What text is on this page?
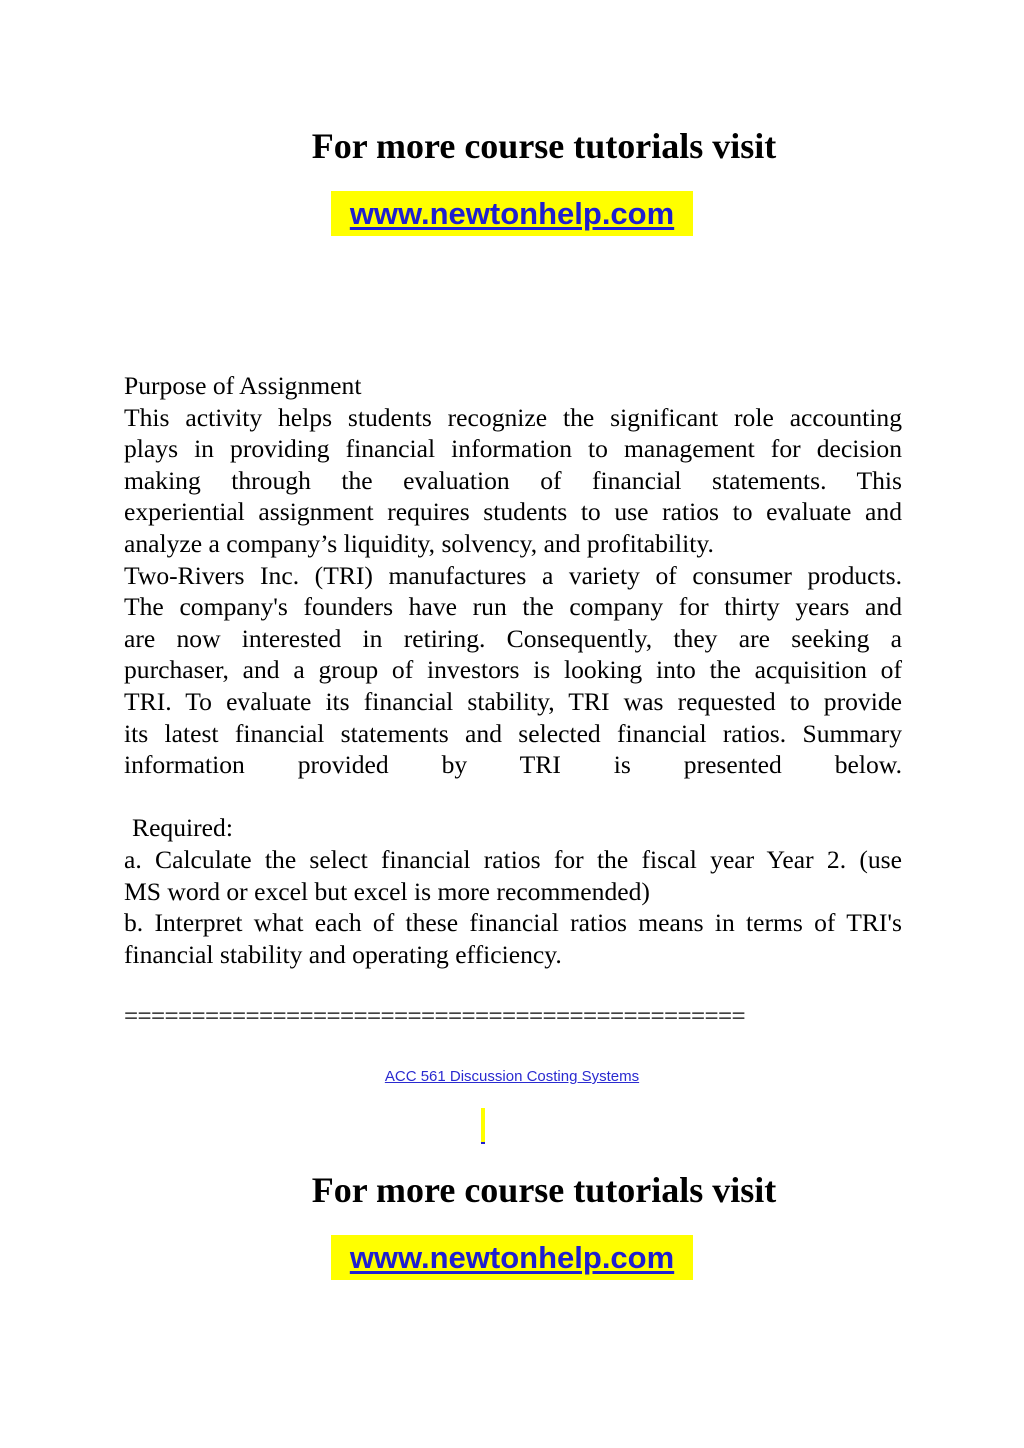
For more course tutorials visit
www.newtonhelp.com

Purpose of Assignment

This activity helps students recognize the significant role accounting

plays in providing financial information to management for decision

making through the evaluation of financial statements. This

experiential assignment requires students to use ratios to evaluate and

analyze a company’s liquidity, solvency, and profitability.

Two-Rivers Inc. (TRI) manufactures a variety of consumer products.

The company's founders have run the company for thirty years and

are now interested in retiring. Consequently, they are seeking a

purchaser, and a group of investors is looking into the acquisition of

TRI. To evaluate its financial stability, TRI was requested to provide

its latest financial statements and selected financial ratios. Summary

information provided by TRI is presented below.

Required:

a. Calculate the select financial ratios for the fiscal year Year 2. (use

MS word or excel but excel is more recommended)

b. Interpret what each of these financial ratios means in terms of TRI's

financial stability and operating efficiency.

==============================================
ACC 561 Discussion Costing Systems
For more course tutorials visit
www.newtonhelp.com
